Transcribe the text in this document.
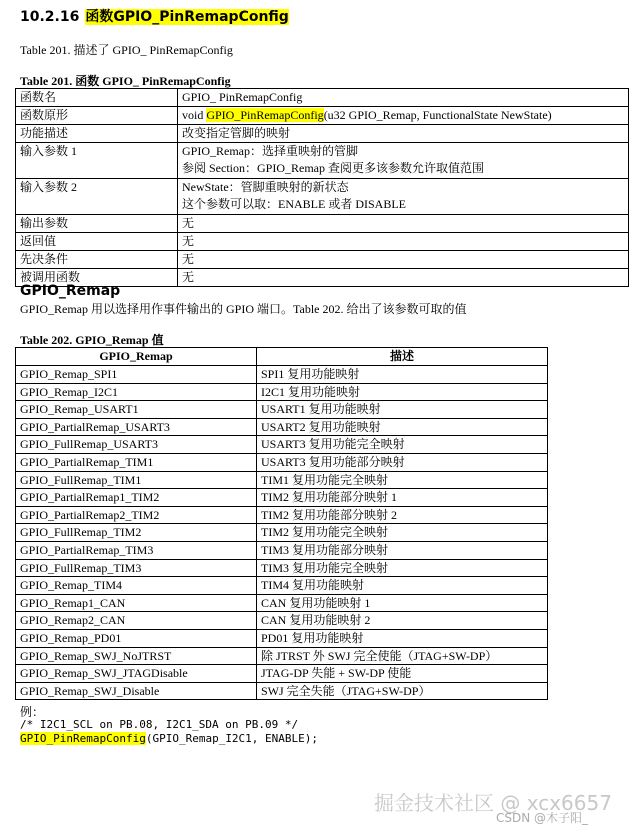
10.2.16 函数GPIO_PinRemapConfig
Table 201. 描述了 GPIO_ PinRemapConfig
Table 201. 函数 GPIO_ PinRemapConfig
函数名	GPIO_ PinRemapConfig

函数原形	void GPIO_PinRemapConfig(u32 GPIO_Remap, FunctionalState NewState)
功能描述	改变指定管脚的映射

输入参数 1	GPIO_Remap：选择重映射的管脚
参阅 Section：GPIO_Remap 查阅更多该参数允许取值范围

输入参数 2	NewState：管脚重映射的新状态
这个参数可以取：ENABLE 或者 DISABLE

输出参数	无

返回值	无

先决条件	无

被调用函数	无
GPIO_Remap
GPIO_Remap 用以选择用作事件输出的 GPIO 端口。Table 202. 给出了该参数可取的值
Table 202. GPIO_Remap 值
GPIO_Remap	描述
GPIO_Remap_SPI1	SPI1 复用功能映射
GPIO_Remap_I2C1	I2C1 复用功能映射
GPIO_Remap_USART1	USART1 复用功能映射
GPIO_PartialRemap_USART3	USART2 复用功能映射
GPIO_FullRemap_USART3	USART3 复用功能完全映射
GPIO_PartialRemap_TIM1	USART3 复用功能部分映射
GPIO_FullRemap_TIM1	TIM1 复用功能完全映射
GPIO_PartialRemap1_TIM2	TIM2 复用功能部分映射 1
GPIO_PartialRemap2_TIM2	TIM2 复用功能部分映射 2
GPIO_FullRemap_TIM2	TIM2 复用功能完全映射
GPIO_PartialRemap_TIM3	TIM3 复用功能部分映射
GPIO_FullRemap_TIM3	TIM3 复用功能完全映射
GPIO_Remap_TIM4	TIM4 复用功能映射
GPIO_Remap1_CAN	CAN 复用功能映射 1
GPIO_Remap2_CAN	CAN 复用功能映射 2
GPIO_Remap_PD01	PD01 复用功能映射
GPIO_Remap_SWJ_NoJTRST	除 JTRST 外 SWJ 完全使能（JTAG+SW-DP）
GPIO_Remap_SWJ_JTAGDisable	JTAG-DP 失能 + SW-DP 使能
GPIO_Remap_SWJ_Disable	SWJ 完全失能（JTAG+SW-DP）
例：
/* I2C1_SCL on PB.08, I2C1_SDA on PB.09 */
GPIO_PinRemapConfig(GPIO_Remap_I2C1, ENABLE);
掘金技术社区 @ xcx6657
CSDN @木子阳_
